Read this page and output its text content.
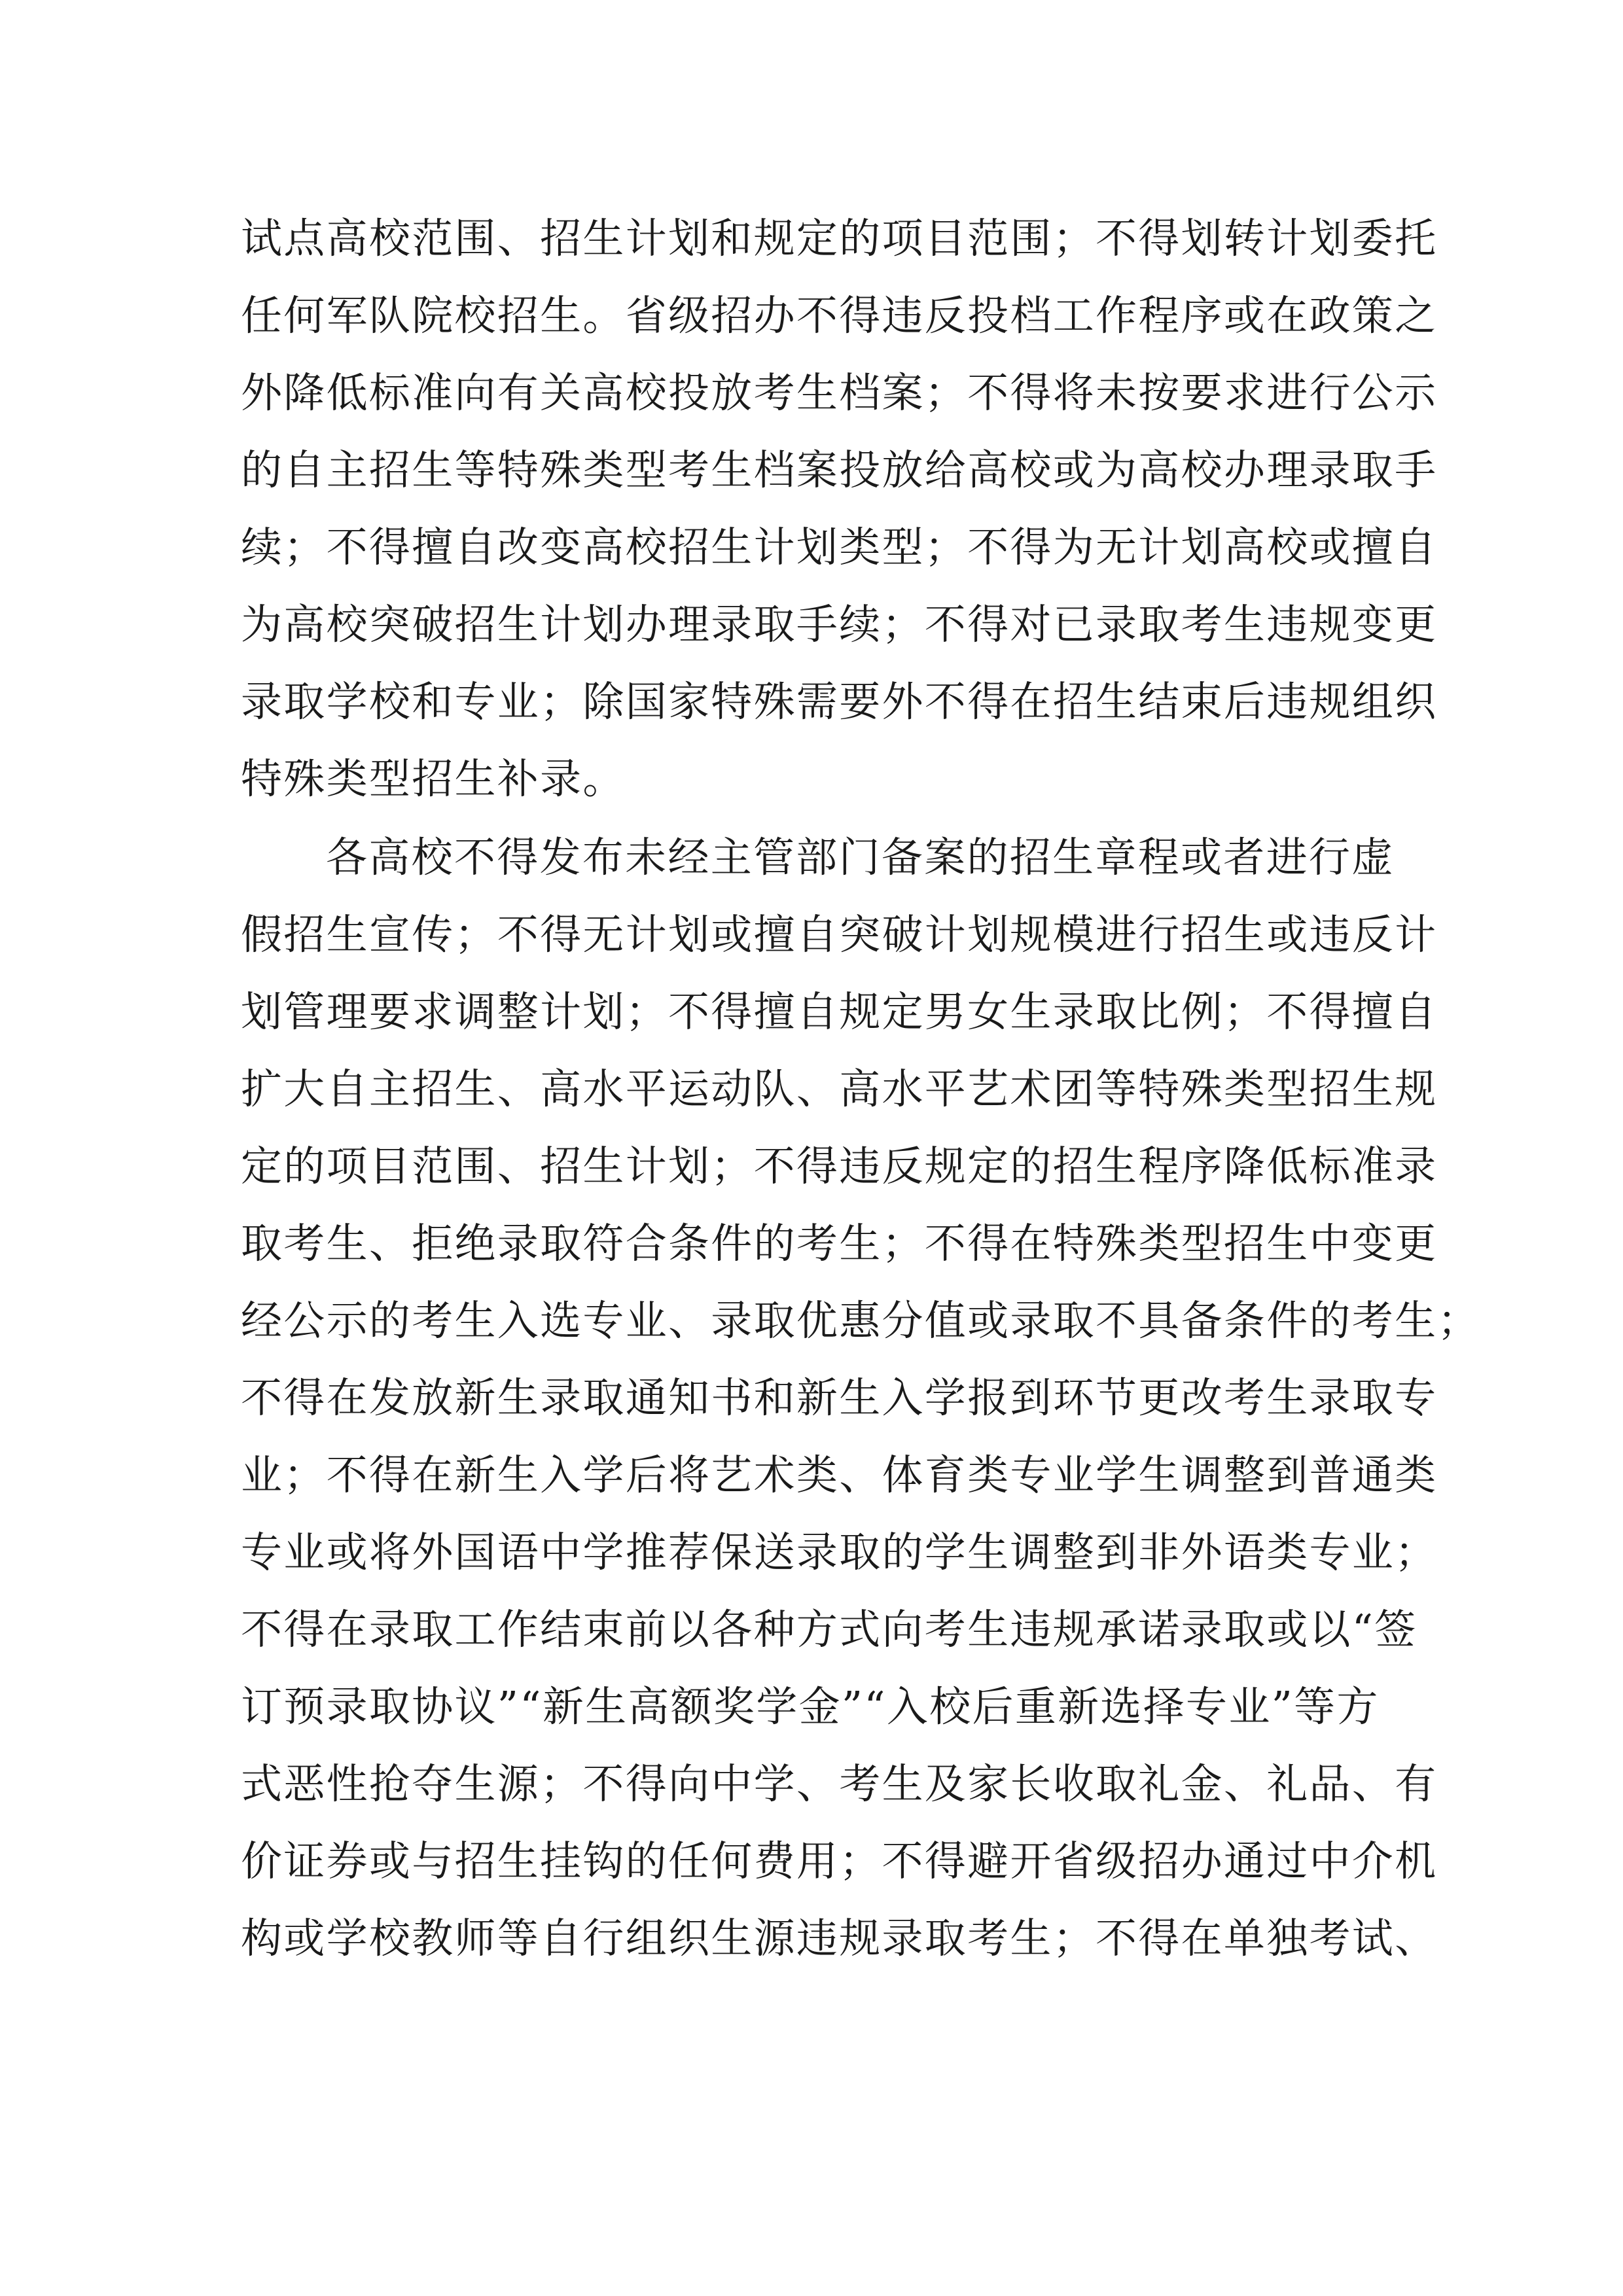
试点高校范围、招生计划和规定的项目范围；不得划转计划委托
任何军队院校招生。省级招办不得违反投档工作程序或在政策之
外降低标准向有关高校投放考生档案；不得将未按要求进行公示
的自主招生等特殊类型考生档案投放给高校或为高校办理录取手
续；不得擅自改变高校招生计划类型；不得为无计划高校或擅自
为高校突破招生计划办理录取手续；不得对已录取考生违规变更
录取学校和专业；除国家特殊需要外不得在招生结束后违规组织
特殊类型招生补录。
各高校不得发布未经主管部门备案的招生章程或者进行虚
假招生宣传；不得无计划或擅自突破计划规模进行招生或违反计
划管理要求调整计划；不得擅自规定男女生录取比例；不得擅自
扩大自主招生、高水平运动队、高水平艺术团等特殊类型招生规
定的项目范围、招生计划；不得违反规定的招生程序降低标准录
取考生、拒绝录取符合条件的考生；不得在特殊类型招生中变更
经公示的考生入选专业、录取优惠分值或录取不具备条件的考生；
不得在发放新生录取通知书和新生入学报到环节更改考生录取专
业；不得在新生入学后将艺术类、体育类专业学生调整到普通类
专业或将外国语中学推荐保送录取的学生调整到非外语类专业；
不得在录取工作结束前以各种方式向考生违规承诺录取或以“签
订预录取协议”“新生高额奖学金”“入校后重新选择专业”等方
式恶性抢夺生源；不得向中学、考生及家长收取礼金、礼品、有
价证券或与招生挂钩的任何费用；不得避开省级招办通过中介机
构或学校教师等自行组织生源违规录取考生；不得在单独考试、
